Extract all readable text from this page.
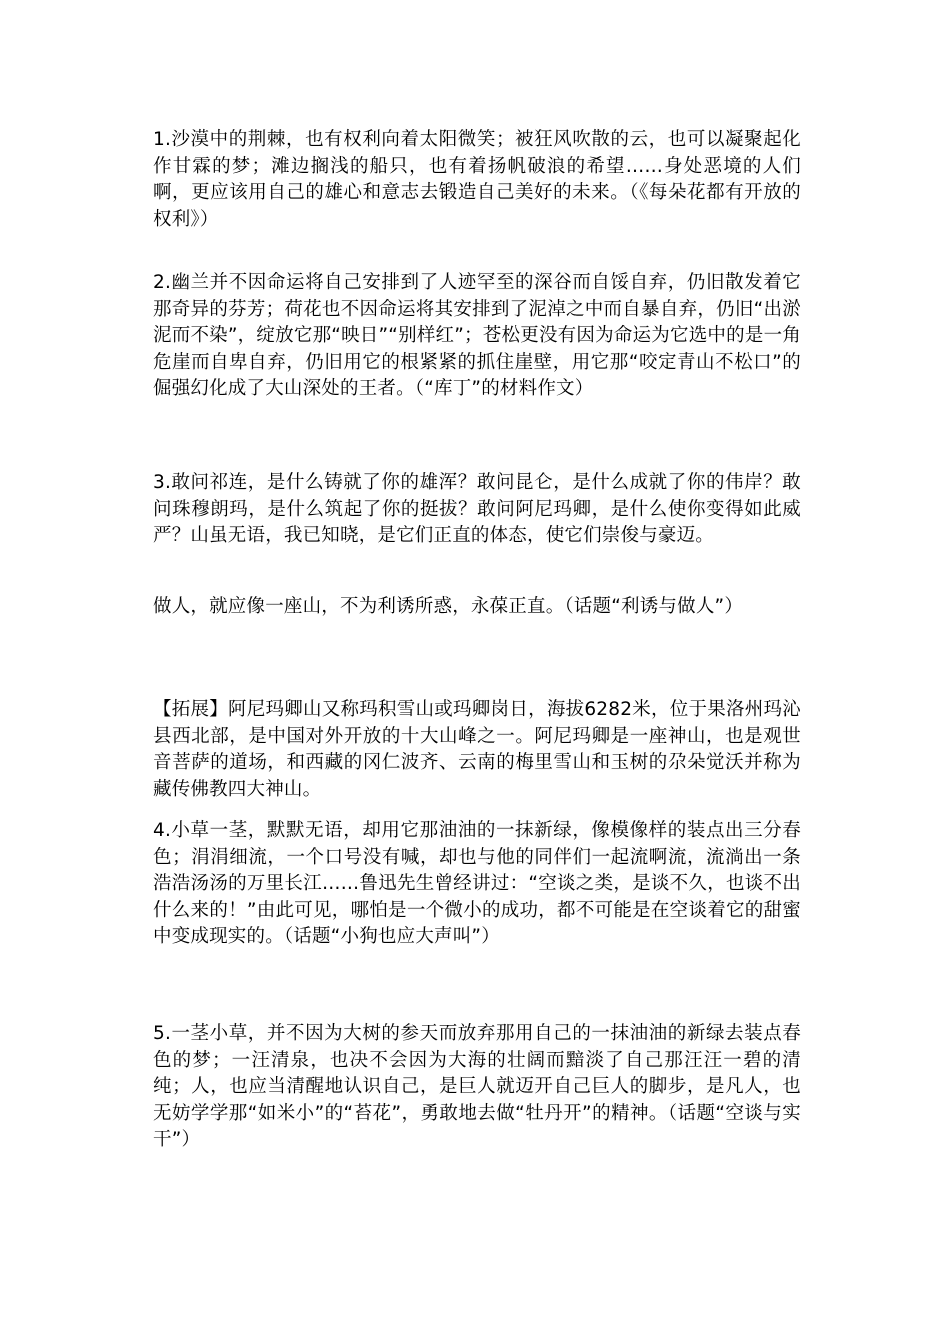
1.沙漠中的荆棘，也有权利向着太阳微笑；被狂风吹散的云，也可以凝聚起化作甘霖的梦；滩边搁浅的船只，也有着扬帆破浪的希望……身处恶境的人们啊，更应该用自己的雄心和意志去锻造自己美好的未来。（《每朵花都有开放的权利》）

2.幽兰并不因命运将自己安排到了人迹罕至的深谷而自馁自弃，仍旧散发着它那奇异的芬芳；荷花也不因命运将其安排到了泥淖之中而自暴自弃，仍旧“出淤泥而不染”，绽放它那“映日”“别样红”；苍松更没有因为命运为它选中的是一角危崖而自卑自弃，仍旧用它的根紧紧的抓住崖壁，用它那“咬定青山不松口”的倔强幻化成了大山深处的王者。（“库丁”的材料作文）

3.敢问祁连，是什么铸就了你的雄浑？敢问昆仑，是什么成就了你的伟岸？敢问珠穆朗玛，是什么筑起了你的挺拔？敢问阿尼玛卿，是什么使你变得如此威严？山虽无语，我已知晓，是它们正直的体态，使它们崇俊与豪迈。

做人，就应像一座山，不为利诱所惑，永葆正直。（话题“利诱与做人”）

【拓展】阿尼玛卿山又称玛积雪山或玛卿岗日，海拔6282米，位于果洛州玛沁县西北部，是中国对外开放的十大山峰之一。阿尼玛卿是一座神山，也是观世音菩萨的道场，和西藏的冈仁波齐、云南的梅里雪山和玉树的尕朵觉沃并称为藏传佛教四大神山。

4.小草一茎，默默无语，却用它那油油的一抹新绿，像模像样的装点出三分春色；涓涓细流，一个口号没有喊，却也与他的同伴们一起流啊流，流淌出一条浩浩汤汤的万里长江……鲁迅先生曾经讲过：“空谈之类，是谈不久，也谈不出什么来的！”由此可见，哪怕是一个微小的成功，都不可能是在空谈着它的甜蜜中变成现实的。（话题“小狗也应大声叫”）

5.一茎小草，并不因为大树的参天而放弃那用自己的一抹油油的新绿去装点春色的梦；一汪清泉，也决不会因为大海的壮阔而黯淡了自己那汪汪一碧的清纯；人，也应当清醒地认识自己，是巨人就迈开自己巨人的脚步，是凡人，也无妨学学那“如米小”的“苔花”，勇敢地去做“牡丹开”的精神。（话题“空谈与实干”）
